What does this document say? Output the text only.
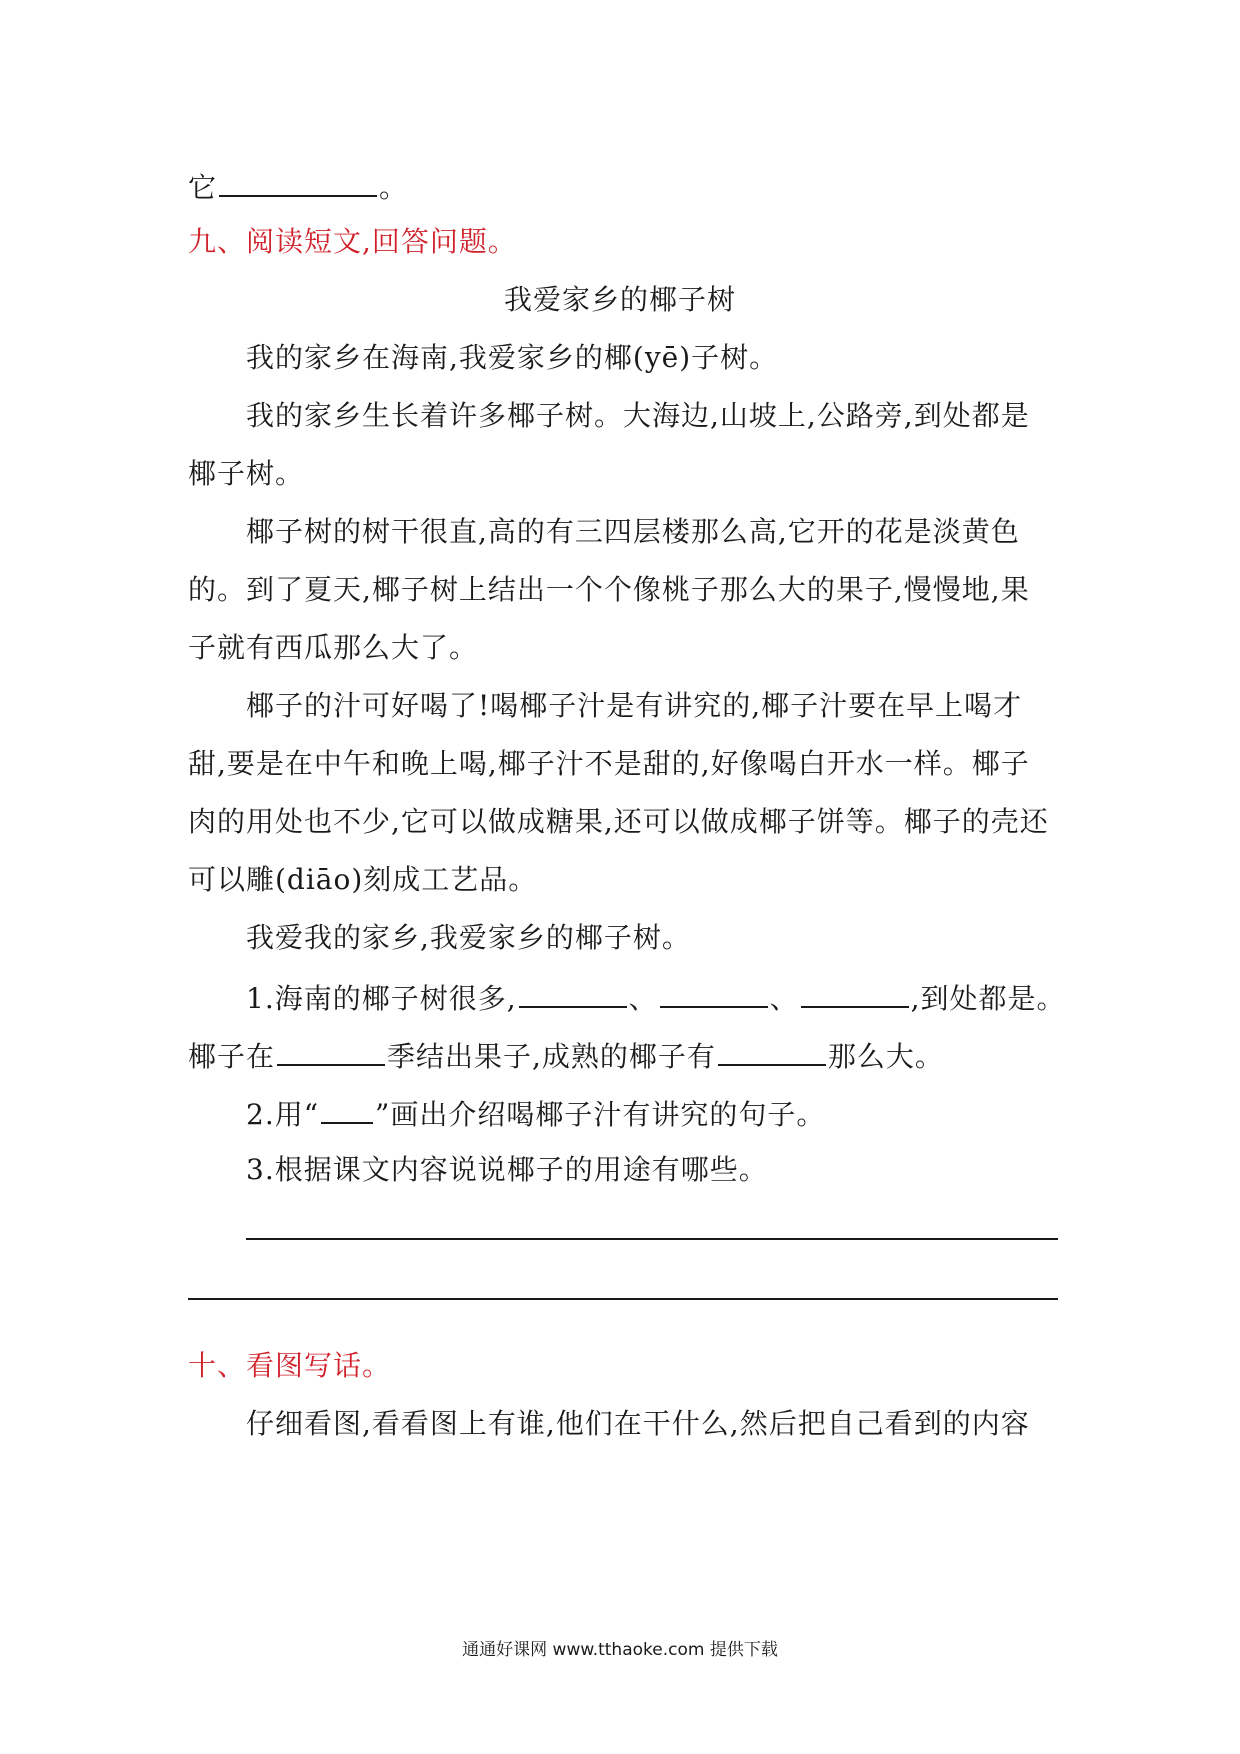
它	。
九、阅读短文,回答问题。
我爱家乡的椰子树
我的家乡在海南,我爱家乡的椰(yē)子树。
我的家乡生长着许多椰子树。大海边,山坡上,公路旁,到处都是
椰子树。
椰子树的树干很直,高的有三四层楼那么高,它开的花是淡黄色
的。到了夏天,椰子树上结出一个个像桃子那么大的果子,慢慢地,果
子就有西瓜那么大了。
椰子的汁可好喝了!喝椰子汁是有讲究的,椰子汁要在早上喝才
甜,要是在中午和晚上喝,椰子汁不是甜的,好像喝白开水一样。椰子
肉的用处也不少,它可以做成糖果,还可以做成椰子饼等。椰子的壳还
可以雕(diāo)刻成工艺品。
我爱我的家乡,我爱家乡的椰子树。
1.海南的椰子树很多,	、	、	,到处都是。
椰子在	季结出果子,成熟的椰子有	那么大。
2.用“ ”画出介绍喝椰子汁有讲究的句子。
3.根据课文内容说说椰子的用途有哪些。
十、看图写话。
仔细看图,看看图上有谁,他们在干什么,然后把自己看到的内容
通通好课网 www.tthaoke.com 提供下载
